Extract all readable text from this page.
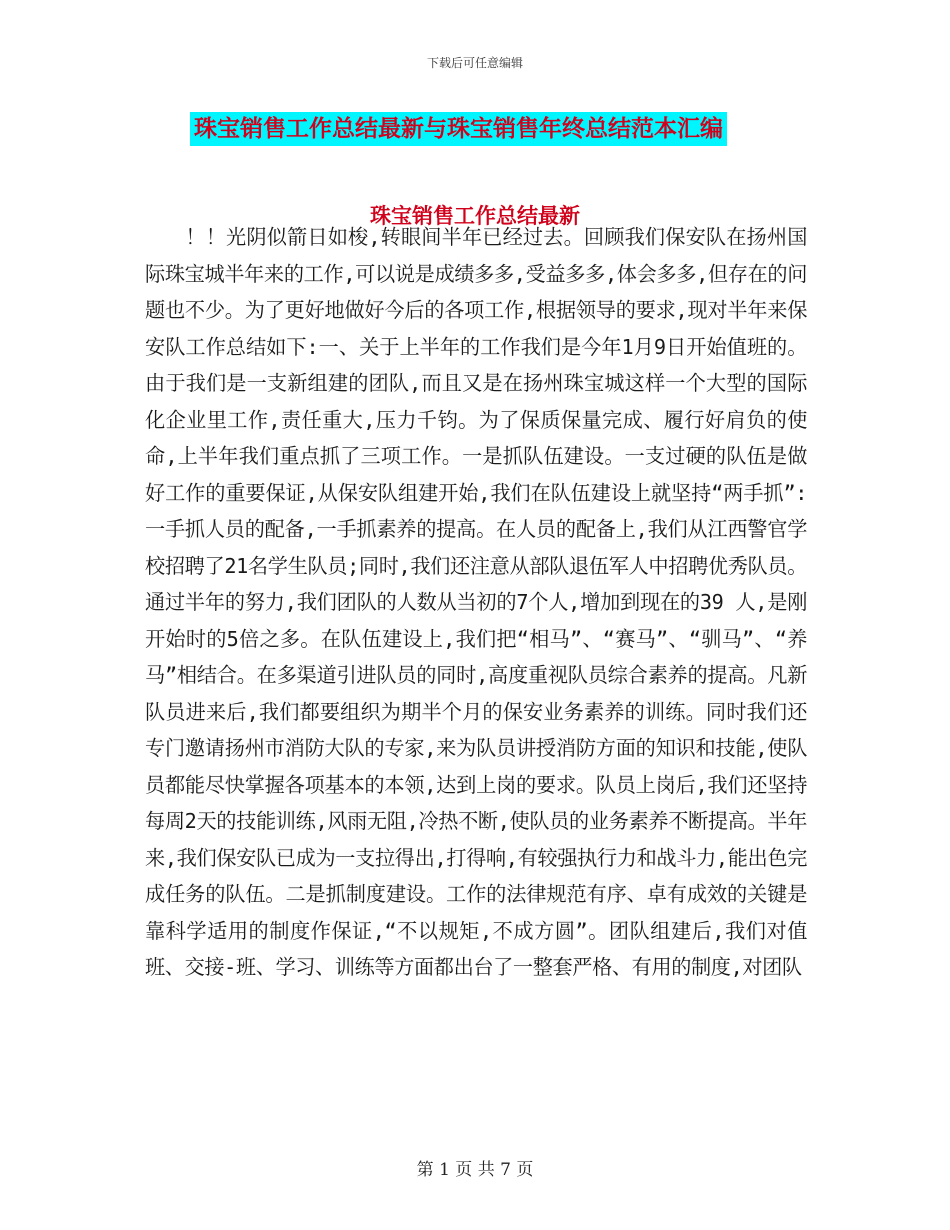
下载后可任意编辑
珠宝销售工作总结最新与珠宝销售年终总结范本汇编
珠宝销售工作总结最新

！！光阴似箭日如梭,转眼间半年已经过去。回顾我们保安队在扬州国际珠宝城半年来的工作,可以说是成绩多多,受益多多,体会多多,但存在的问题也不少。为了更好地做好今后的各项工作,根据领导的要求,现对半年来保安队工作总结如下:一、关于上半年的工作我们是今年1月9日开始值班的。由于我们是一支新组建的团队,而且又是在扬州珠宝城这样一个大型的国际化企业里工作,责任重大,压力千钧。为了保质保量完成、履行好肩负的使命,上半年我们重点抓了三项工作。一是抓队伍建设。一支过硬的队伍是做好工作的重要保证,从保安队组建开始,我们在队伍建设上就坚持“两手抓”:一手抓人员的配备,一手抓素养的提高。在人员的配备上,我们从江西警官学校招聘了21名学生队员;同时,我们还注意从部队退伍军人中招聘优秀队员。通过半年的努力,我们团队的人数从当初的7个人,增加到现在的39 人,是刚开始时的5倍之多。在队伍建设上,我们把“相马”、“赛马”、“驯马”、“养马”相结合。在多渠道引进队员的同时,高度重视队员综合素养的提高。凡新队员进来后,我们都要组织为期半个月的保安业务素养的训练。同时我们还专门邀请扬州市消防大队的专家,来为队员讲授消防方面的知识和技能,使队员都能尽快掌握各项基本的本领,达到上岗的要求。队员上岗后,我们还坚持每周2天的技能训练,风雨无阻,冷热不断,使队员的业务素养不断提高。半年来,我们保安队已成为一支拉得出,打得响,有较强执行力和战斗力,能出色完成任务的队伍。二是抓制度建设。工作的法律规范有序、卓有成效的关键是靠科学适用的制度作保证,“不以规矩,不成方圆”。团队组建后,我们对值班、交接-班、学习、训练等方面都出台了一整套严格、有用的制度,对团队

第 1 页 共 7 页
